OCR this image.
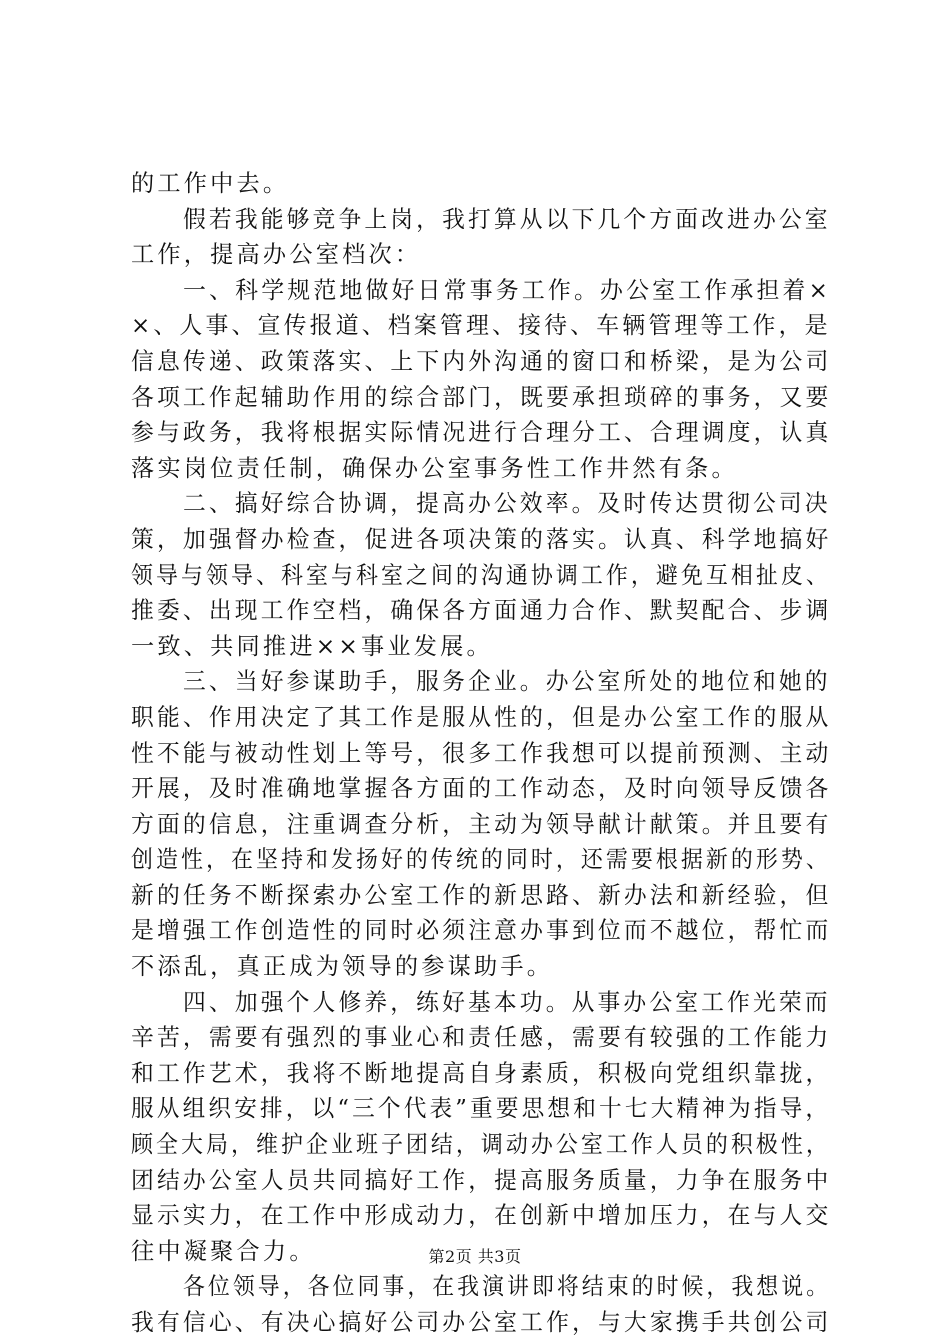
的工作中去。
假若我能够竞争上岗，我打算从以下几个方面改进办公室
工作，提高办公室档次：
一、科学规范地做好日常事务工作。办公室工作承担着×
×、人事、宣传报道、档案管理、接待、车辆管理等工作，是
信息传递、政策落实、上下内外沟通的窗口和桥梁，是为公司
各项工作起辅助作用的综合部门，既要承担琐碎的事务，又要
参与政务，我将根据实际情况进行合理分工、合理调度，认真
落实岗位责任制，确保办公室事务性工作井然有条。
二、搞好综合协调，提高办公效率。及时传达贯彻公司决
策，加强督办检查，促进各项决策的落实。认真、科学地搞好
领导与领导、科室与科室之间的沟通协调工作，避免互相扯皮、
推委、出现工作空档，确保各方面通力合作、默契配合、步调
一致、共同推进××事业发展。
三、当好参谋助手，服务企业。办公室所处的地位和她的
职能、作用决定了其工作是服从性的，但是办公室工作的服从
性不能与被动性划上等号，很多工作我想可以提前预测、主动
开展，及时准确地掌握各方面的工作动态，及时向领导反馈各
方面的信息，注重调查分析，主动为领导献计献策。并且要有
创造性，在坚持和发扬好的传统的同时，还需要根据新的形势、
新的任务不断探索办公室工作的新思路、新办法和新经验，但
是增强工作创造性的同时必须注意办事到位而不越位，帮忙而
不添乱，真正成为领导的参谋助手。
四、加强个人修养，练好基本功。从事办公室工作光荣而
辛苦，需要有强烈的事业心和责任感，需要有较强的工作能力
和工作艺术，我将不断地提高自身素质，积极向党组织靠拢，
服从组织安排，以“三个代表”重要思想和十七大精神为指导，
顾全大局，维护企业班子团结，调动办公室工作人员的积极性，
团结办公室人员共同搞好工作，提高服务质量，力争在服务中
显示实力，在工作中形成动力，在创新中增加压力，在与人交
往中凝聚合力。
各位领导，各位同事，在我演讲即将结束的时候，我想说。
我有信心、有决心搞好公司办公室工作，与大家携手共创公司
第2页 共3页
